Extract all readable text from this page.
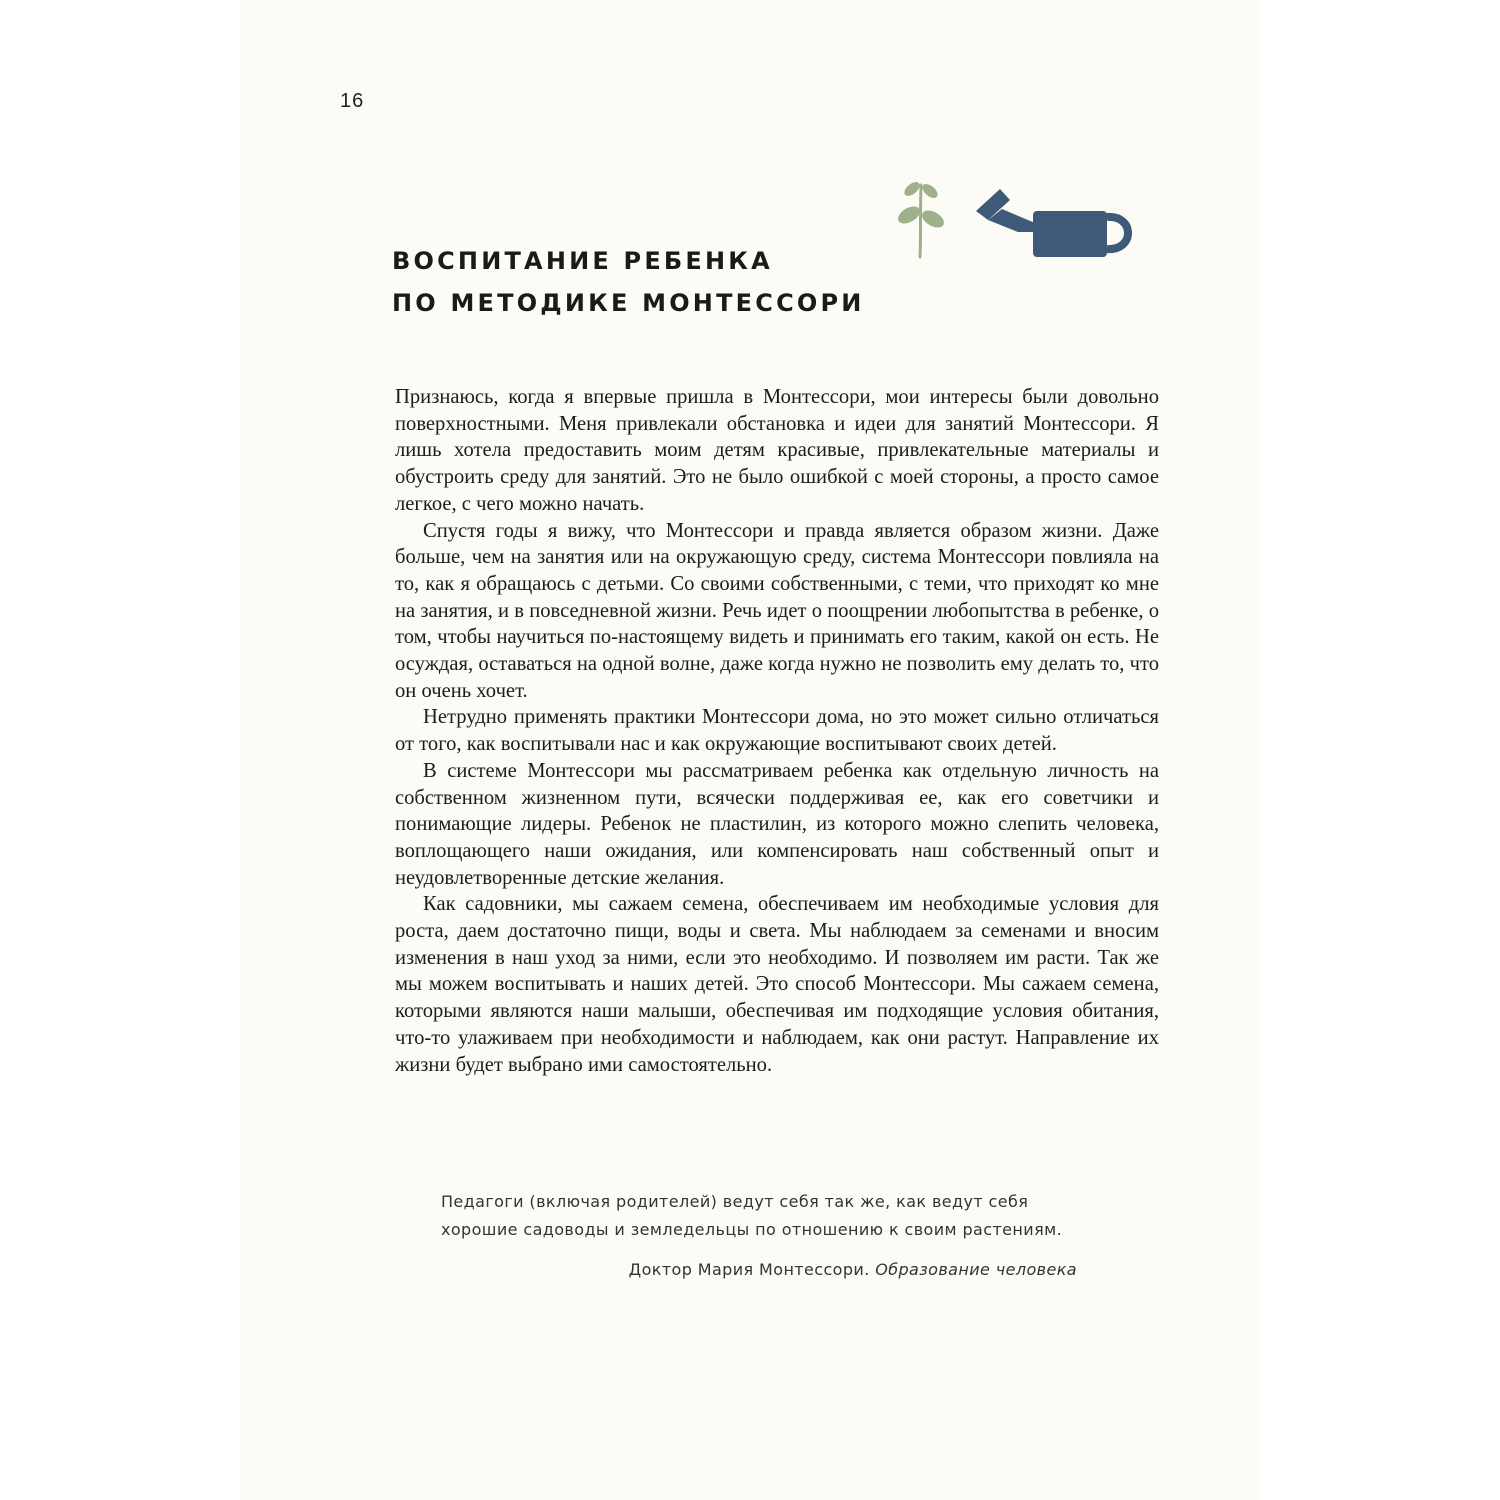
16
ВОСПИТАНИЕ РЕБЕНКА
ПО МЕТОДИКЕ МОНТЕССОРИ

Признаюсь, когда я впервые пришла в Монтессори, мои интересы были довольно поверхностными. Меня привлекали обстановка и идеи для занятий Монтессори. Я лишь хотела предоставить моим детям красивые, привлекательные материалы и обустроить среду для занятий. Это не было ошибкой с моей стороны, а просто самое легкое, с чего можно начать.

Спустя годы я вижу, что Монтессори и правда является образом жизни. Даже больше, чем на занятия или на окружающую среду, система Монтессори повлияла на то, как я обращаюсь с детьми. Со своими собственными, с теми, что приходят ко мне на занятия, и в повседневной жизни. Речь идет о поощрении любопытства в ребенке, о том, чтобы научиться по-настоящему видеть и принимать его таким, какой он есть. Не осуждая, оставаться на одной волне, даже когда нужно не позволить ему делать то, что он очень хочет.

Нетрудно применять практики Монтессори дома, но это может сильно отличаться от того, как воспитывали нас и как окружающие воспитывают своих детей.

В системе Монтессори мы рассматриваем ребенка как отдельную личность на собственном жизненном пути, всячески поддерживая ее, как его советчики и понимающие лидеры. Ребенок не пластилин, из которого можно слепить человека, воплощающего наши ожидания, или компенсировать наш собственный опыт и неудовлетворенные детские желания.

Как садовники, мы сажаем семена, обеспечиваем им необходимые условия для роста, даем достаточно пищи, воды и света. Мы наблюдаем за семенами и вносим изменения в наш уход за ними, если это необходимо. И позволяем им расти. Так же мы можем воспитывать и наших детей. Это способ Монтессори. Мы сажаем семена, которыми являются наши малыши, обеспечивая им подходящие условия обитания, что-то улаживаем при необходимости и наблюдаем, как они растут. Направление их жизни будет выбрано ими самостоятельно.

Педагоги (включая родителей) ведут себя так же, как ведут себя хорошие садоводы и земледельцы по отношению к своим растениям.

Доктор Мария Монтессори. Образование человека
